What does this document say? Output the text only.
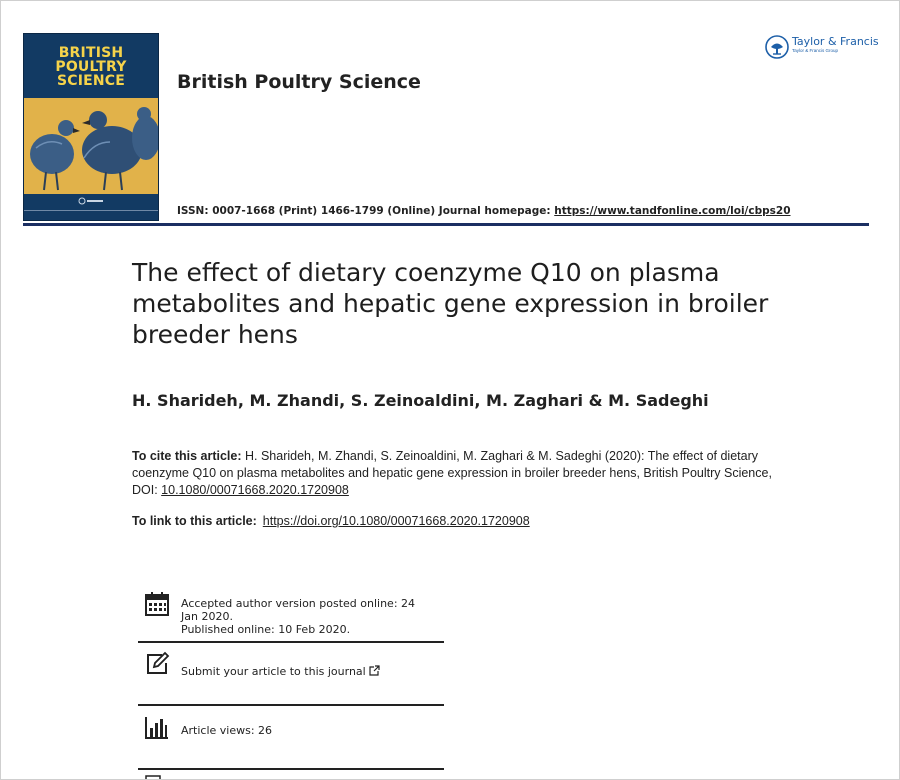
BRITISH
POULTRY
SCIENCE	British Poultry Science
Taylor & Francis
Taylor & Francis Group
ISSN: 0007-1668 (Print) 1466-1799 (Online) Journal homepage: https://www.tandfonline.com/loi/cbps20
The effect of dietary coenzyme Q10 on plasma
metabolites and hepatic gene expression in broiler
breeder hens
H. Sharideh, M. Zhandi, S. Zeinoaldini, M. Zaghari & M. Sadeghi
To cite this article: H. Sharideh, M. Zhandi, S. Zeinoaldini, M. Zaghari & M. Sadeghi (2020): The effect of dietary coenzyme Q10 on plasma metabolites and hepatic gene expression in broiler breeder hens, British Poultry Science, DOI: 10.1080/00071668.2020.1720908
To link to this article: https://doi.org/10.1080/00071668.2020.1720908
Accepted author version posted online: 24
Jan 2020.
Published online: 10 Feb 2020.
Submit your article to this journal
Article views: 26
